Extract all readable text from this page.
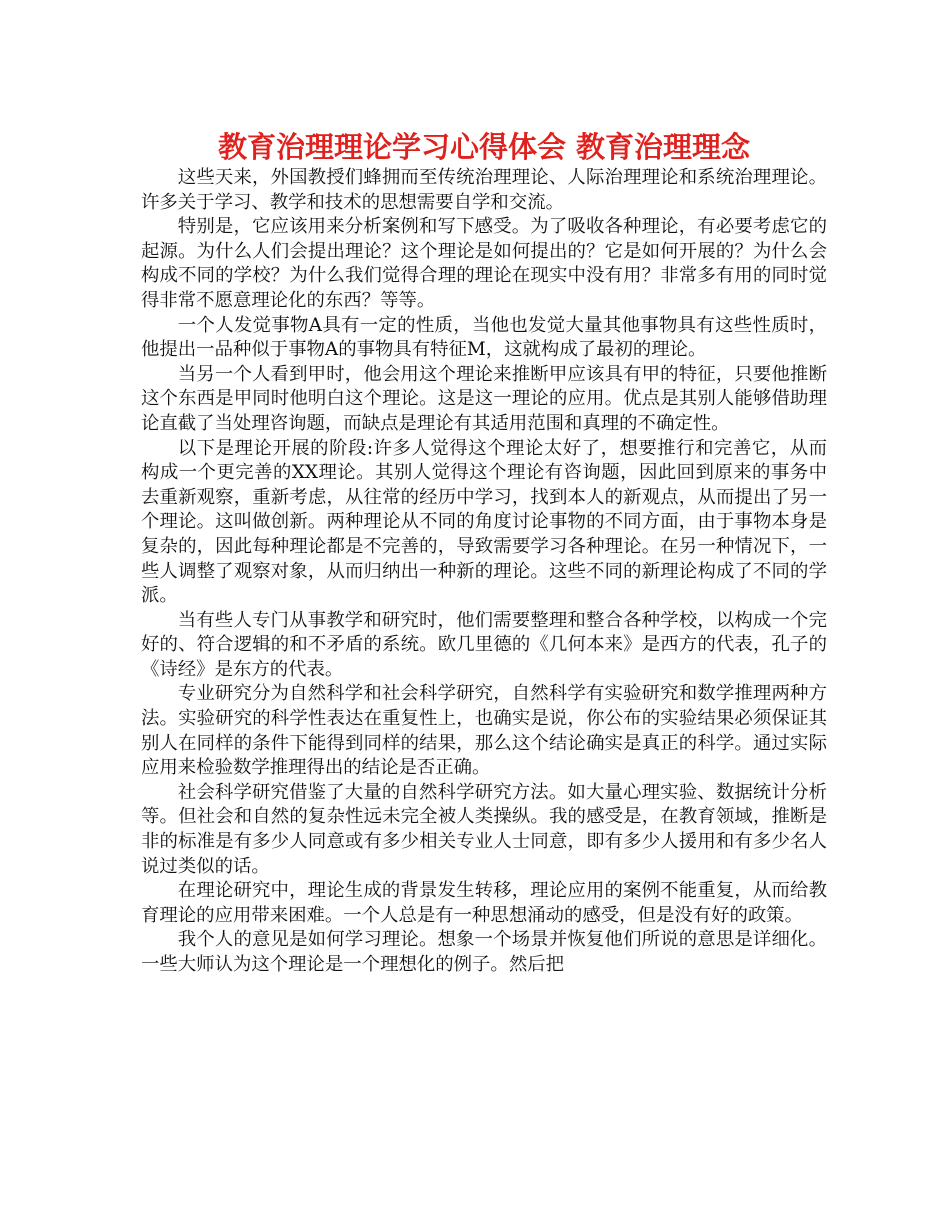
教育治理理论学习心得体会 教育治理理念

这些天来，外国教授们蜂拥而至传统治理理论、人际治理理论和系统治理理论。许多关于学习、教学和技术的思想需要自学和交流。

特别是，它应该用来分析案例和写下感受。为了吸收各种理论，有必要考虑它的起源。为什么人们会提出理论？这个理论是如何提出的？它是如何开展的？为什么会构成不同的学校？为什么我们觉得合理的理论在现实中没有用？非常多有用的同时觉得非常不愿意理论化的东西？等等。

一个人发觉事物A具有一定的性质，当他也发觉大量其他事物具有这些性质时，他提出一品种似于事物A的事物具有特征M，这就构成了最初的理论。

当另一个人看到甲时，他会用这个理论来推断甲应该具有甲的特征，只要他推断这个东西是甲同时他明白这个理论。这是这一理论的应用。优点是其别人能够借助理论直截了当处理咨询题，而缺点是理论有其适用范围和真理的不确定性。

以下是理论开展的阶段:许多人觉得这个理论太好了，想要推行和完善它，从而构成一个更完善的XX理论。其别人觉得这个理论有咨询题，因此回到原来的事务中去重新观察，重新考虑，从往常的经历中学习，找到本人的新观点，从而提出了另一个理论。这叫做创新。两种理论从不同的角度讨论事物的不同方面，由于事物本身是复杂的，因此每种理论都是不完善的，导致需要学习各种理论。在另一种情况下，一些人调整了观察对象，从而归纳出一种新的理论。这些不同的新理论构成了不同的学派。

当有些人专门从事教学和研究时，他们需要整理和整合各种学校，以构成一个完好的、符合逻辑的和不矛盾的系统。欧几里德的《几何本来》是西方的代表，孔子的《诗经》是东方的代表。

专业研究分为自然科学和社会科学研究，自然科学有实验研究和数学推理两种方法。实验研究的科学性表达在重复性上，也确实是说，你公布的实验结果必须保证其别人在同样的条件下能得到同样的结果，那么这个结论确实是真正的科学。通过实际应用来检验数学推理得出的结论是否正确。

社会科学研究借鉴了大量的自然科学研究方法。如大量心理实验、数据统计分析等。但社会和自然的复杂性远未完全被人类操纵。我的感受是，在教育领域，推断是非的标准是有多少人同意或有多少相关专业人士同意，即有多少人援用和有多少名人说过类似的话。

在理论研究中，理论生成的背景发生转移，理论应用的案例不能重复，从而给教育理论的应用带来困难。一个人总是有一种思想涌动的感受，但是没有好的政策。

我个人的意见是如何学习理论。想象一个场景并恢复他们所说的意思是详细化。一些大师认为这个理论是一个理想化的例子。然后把
